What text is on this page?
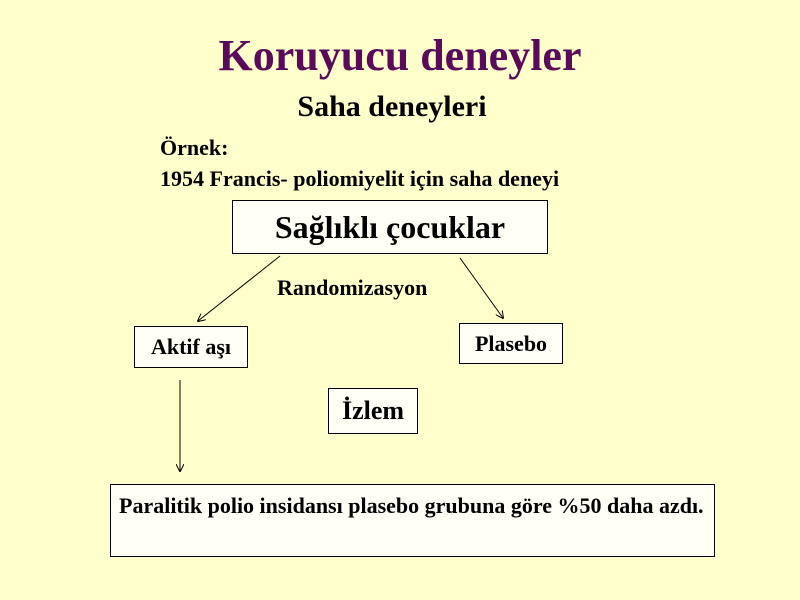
Koruyucu deneyler
Saha deneyleri
Örnek:
1954 Francis- poliomiyelit için saha deneyi
Sağlıklı çocuklar
Randomizasyon
Aktif aşı	Plasebo
İzlem
Paralitik polio insidansı plasebo grubuna göre %50 daha azdı.
